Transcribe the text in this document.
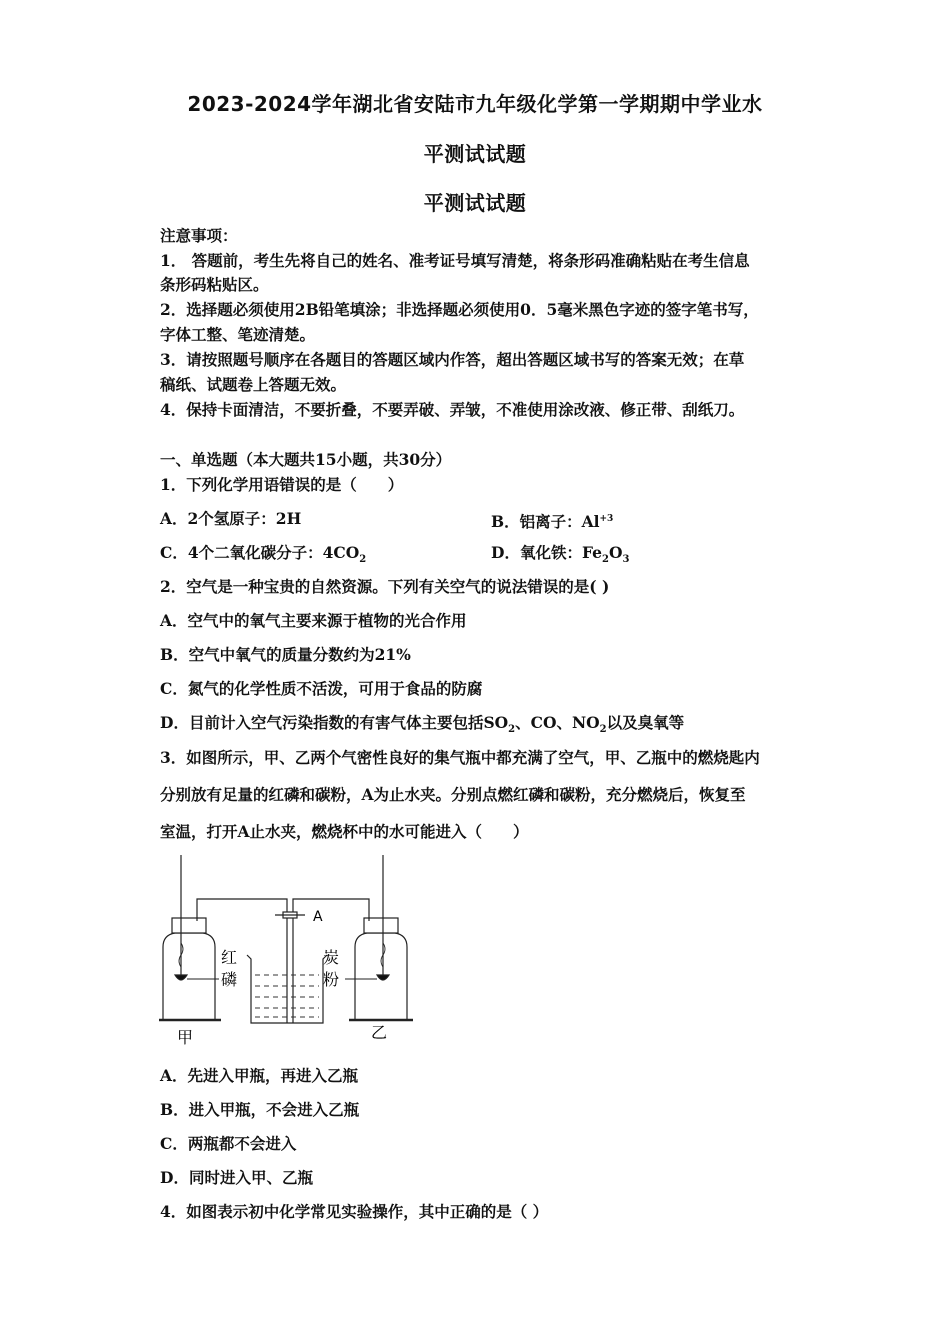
2023-2024学年湖北省安陆市九年级化学第一学期期中学业水
平测试试题
平测试试题
注意事项：
1． 答题前，考生先将自己的姓名、准考证号填写清楚，将条形码准确粘贴在考生信息
条形码粘贴区。
2．选择题必须使用2B铅笔填涂；非选择题必须使用0．5毫米黑色字迹的签字笔书写，
字体工整、笔迹清楚。
3．请按照题号顺序在各题目的答题区域内作答，超出答题区域书写的答案无效；在草
稿纸、试题卷上答题无效。
4．保持卡面清洁，不要折叠，不要弄破、弄皱，不准使用涂改液、修正带、刮纸刀。
一、单选题（本大题共15小题，共30分）
1．下列化学用语错误的是（　　）
A．2个氢原子：2H	B．铝离子：$Al^{+3}$
C．4个二氧化碳分子：$4CO_2$	D．氧化铁：$Fe_2O_3$
2．空气是一种宝贵的自然资源。下列有关空气的说法错误的是( )
A．空气中的氧气主要来源于植物的光合作用
B．空气中氧气的质量分数约为21%
C．氮气的化学性质不活泼，可用于食品的防腐
D．目前计入空气污染指数的有害气体主要包括$SO_2$、CO、$NO_2$以及臭氧等
3．如图所示，甲、乙两个气密性良好的集气瓶中都充满了空气，甲、乙瓶中的燃烧匙内
分别放有足量的红磷和碳粉，A为止水夹。分别点燃红磷和碳粉，充分燃烧后，恢复至
室温，打开A止水夹，燃烧杯中的水可能进入（　　）
A
红
磷
炭
粉
甲	乙
A．先进入甲瓶，再进入乙瓶
B．进入甲瓶，不会进入乙瓶
C．两瓶都不会进入
D．同时进入甲、乙瓶
4．如图表示初中化学常见实验操作，其中正确的是（ ）
